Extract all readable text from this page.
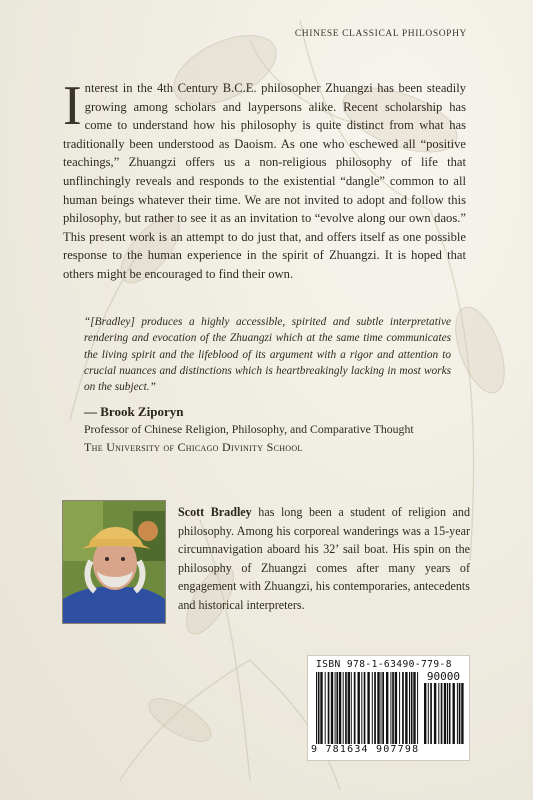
CHINESE CLASSICAL PHILOSOPHY
Interest in the 4th Century B.C.E. philosopher Zhuangzi has been steadily growing among scholars and laypersons alike. Recent scholarship has come to understand how his philosophy is quite distinct from what has traditionally been understood as Daoism. As one who eschewed all “positive teachings,” Zhuangzi offers us a non-religious philosophy of life that unflinchingly reveals and responds to the existential “dangle” common to all human beings whatever their time. We are not invited to adopt and follow this philosophy, but rather to see it as an invitation to “evolve along our own daos.” This present work is an attempt to do just that, and offers itself as one possible response to the human experience in the spirit of Zhuangzi. It is hoped that others might be encouraged to find their own.
“[Bradley] produces a highly accessible, spirited and subtle interpretative rendering and evocation of the Zhuangzi which at the same time communicates the living spirit and the lifeblood of its argument with a rigor and attention to crucial nuances and distinctions which is heartbreakingly lacking in most works on the subject.”
— Brook Ziporyn
Professor of Chinese Religion, Philosophy, and Comparative Thought
The University of Chicago Divinity School
Scott Bradley has long been a student of religion and philosophy. Among his corporeal wanderings was a 15-year circumnavigation aboard his 32’ sail boat. His spin on the philosophy of Zhuangzi comes after many years of engagement with Zhuangzi, his contemporaries, antecedents and historical interpreters.
ISBN 978-1-63490-779-8
90000
9 781634 907798
